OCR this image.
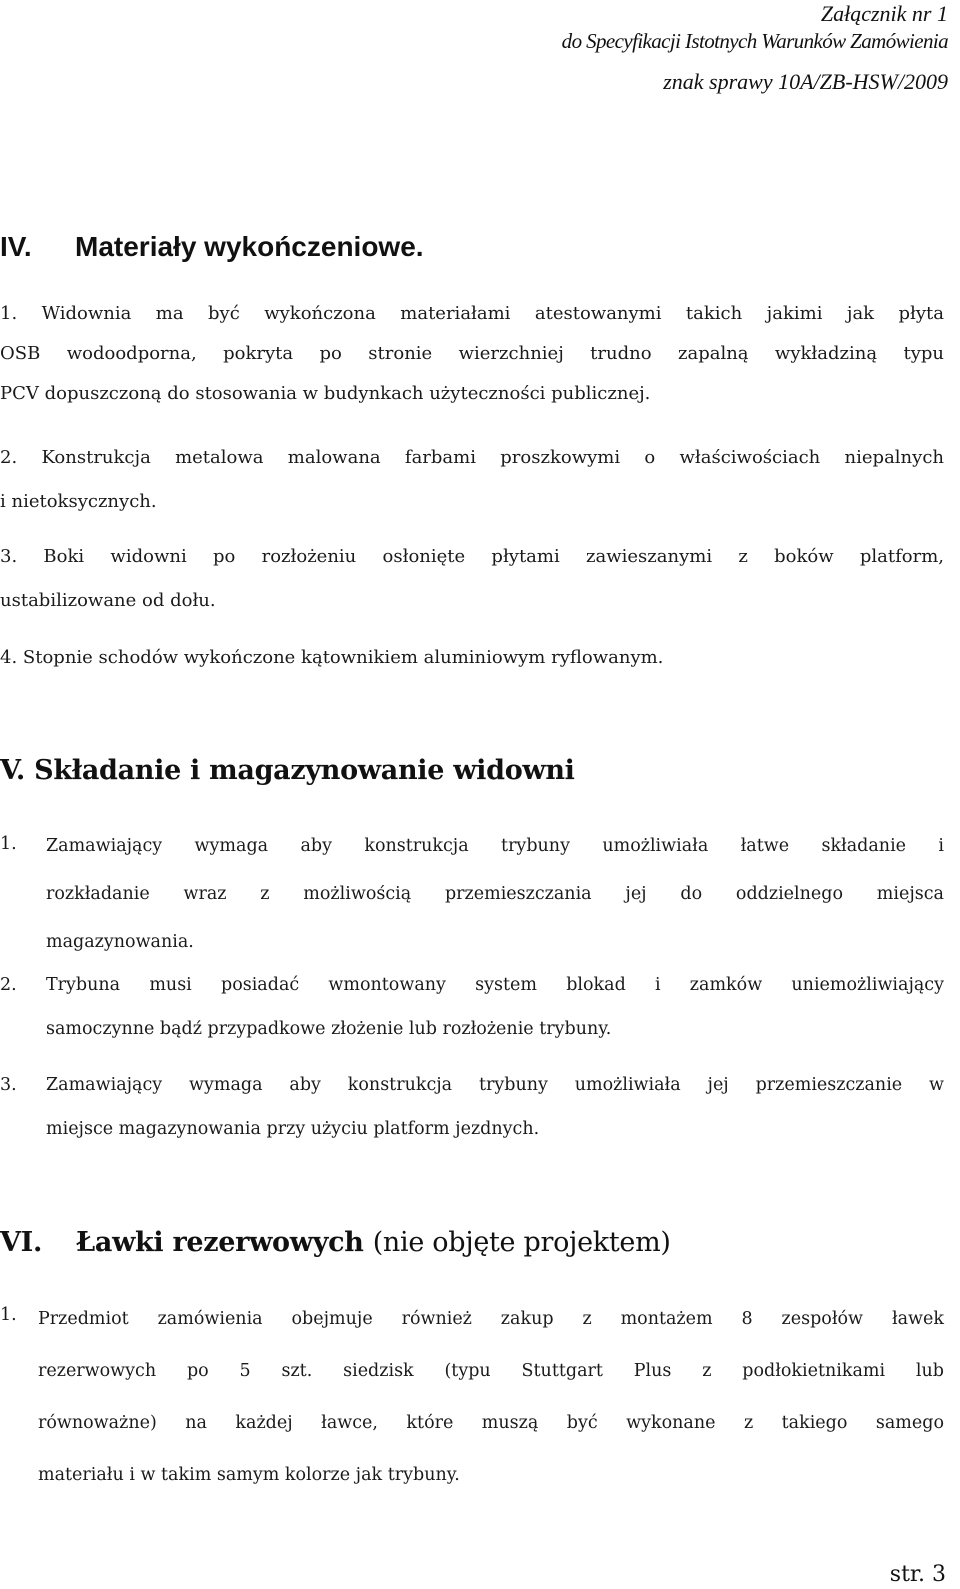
Załącznik nr 1
do Specyfikacji Istotnych Warunków Zamówienia
znak sprawy 10A/ZB-HSW/2009
IV. Materiały wykończeniowe.

1. Widownia ma być wykończona materiałami atestowanymi takich jakimi jak płyta

OSB wodoodporna, pokryta po stronie wierzchniej trudno zapalną wykładziną typu

PCV dopuszczoną do stosowania w budynkach użyteczności publicznej.

2. Konstrukcja metalowa malowana farbami proszkowymi o właściwościach niepalnych

i nietoksycznych.

3. Boki widowni po rozłożeniu osłonięte płytami zawieszanymi z boków platform,

ustabilizowane od dołu.

4. Stopnie schodów wykończone kątownikiem aluminiowym ryflowanym.

V. Składanie i magazynowanie widowni
1. Zamawiający wymaga aby konstrukcja trybuny umożliwiała łatwe składanie i

rozkładanie wraz z możliwością przemieszczania jej do oddzielnego miejsca

magazynowania.

2. Trybuna musi posiadać wmontowany system blokad i zamków uniemożliwiający

samoczynne bądź przypadkowe złożenie lub rozłożenie trybuny.

3. Zamawiający wymaga aby konstrukcja trybuny umożliwiała jej przemieszczanie w

miejsce magazynowania przy użyciu platform jezdnych.

VI. Ławki rezerwowych (nie objęte projektem)
1. Przedmiot zamówienia obejmuje również zakup z montażem 8 zespołów ławek

rezerwowych po 5 szt. siedzisk (typu Stuttgart Plus z podłokietnikami lub

równoważne) na każdej ławce, które muszą być wykonane z takiego samego

materiału i w takim samym kolorze jak trybuny.

str. 3
